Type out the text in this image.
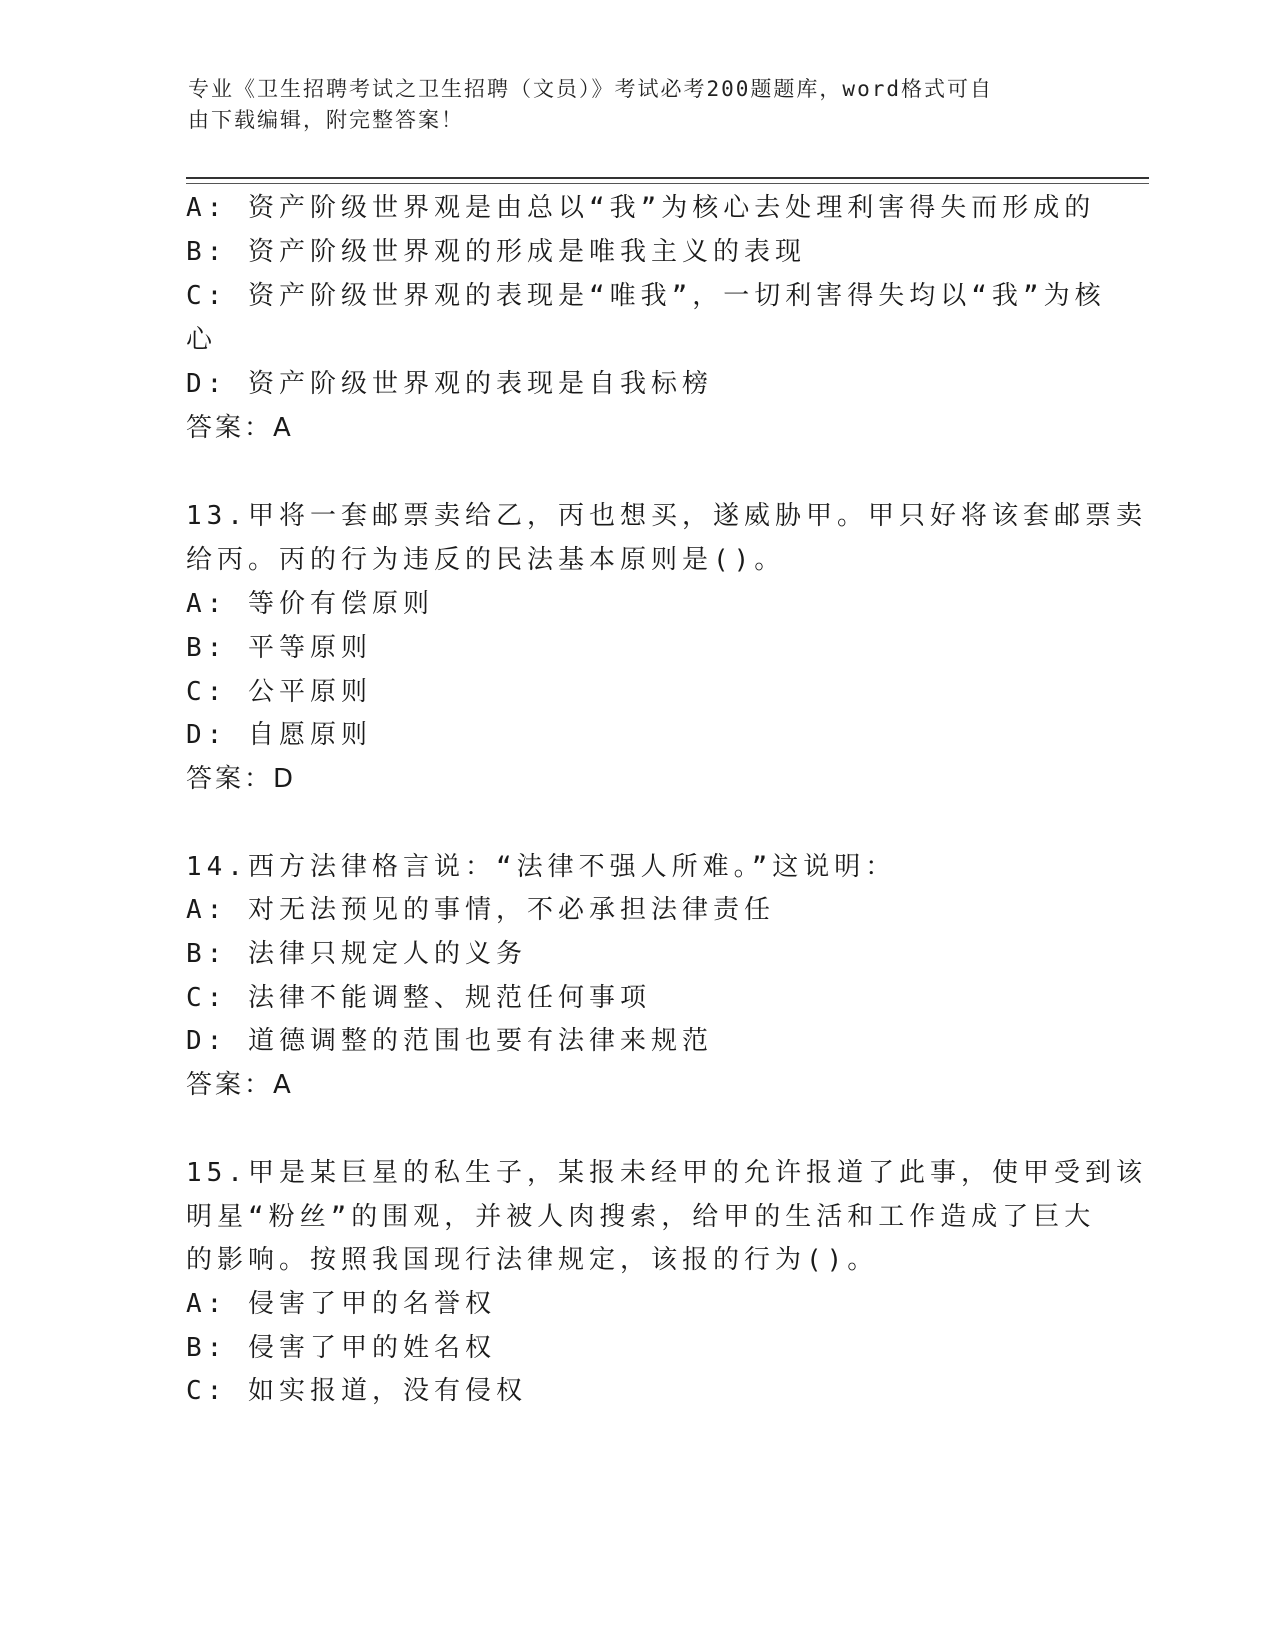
专业《卫生招聘考试之卫生招聘（文员）》考试必考200题题库，word格式可自
由下载编辑，附完整答案！
A: 资产阶级世界观是由总以“我”为核心去处理利害得失而形成的
B: 资产阶级世界观的形成是唯我主义的表现
C: 资产阶级世界观的表现是“唯我”，一切利害得失均以“我”为核
心
D: 资产阶级世界观的表现是自我标榜
答案：A
13.甲将一套邮票卖给乙，丙也想买，遂威胁甲。甲只好将该套邮票卖
给丙。丙的行为违反的民法基本原则是()。
A: 等价有偿原则
B: 平等原则
C: 公平原则
D: 自愿原则
答案：D
14.西方法律格言说：“法律不强人所难。”这说明：
A: 对无法预见的事情，不必承担法律责任
B: 法律只规定人的义务
C: 法律不能调整、规范任何事项
D: 道德调整的范围也要有法律来规范
答案：A
15.甲是某巨星的私生子，某报未经甲的允许报道了此事，使甲受到该
明星“粉丝”的围观，并被人肉搜索，给甲的生活和工作造成了巨大
的影响。按照我国现行法律规定，该报的行为()。
A: 侵害了甲的名誉权
B: 侵害了甲的姓名权
C: 如实报道，没有侵权
